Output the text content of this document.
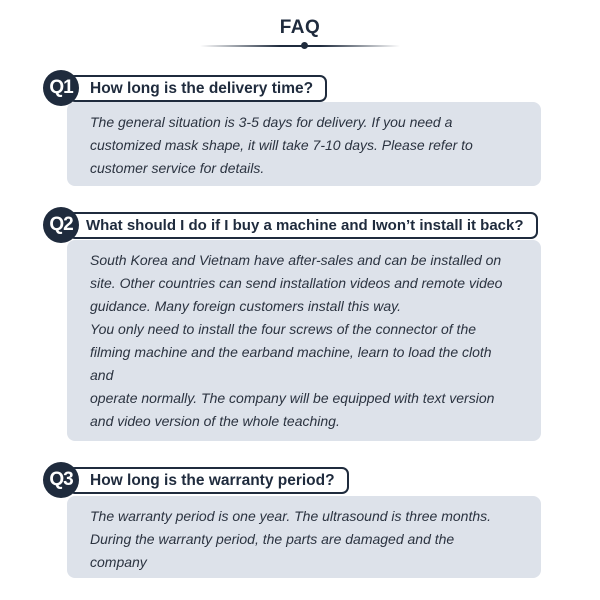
FAQ

The general situation is 3-5 days for delivery. If you need a

customized mask shape, it will take 7-10 days. Please refer to

customer service for details.

How long is the delivery time?
Q1

South Korea and Vietnam have after-sales and can be installed on

site. Other countries can send installation videos and remote video

guidance. Many foreign customers install this way.

You only need to install the four screws of the connector of the

filming machine and the earband machine, learn to load the cloth

and

operate normally. The company will be equipped with text version

and video version of the whole teaching.

What should I do if I buy a machine and Iwon’t install it back?
Q2

The warranty period is one year. The ultrasound is three months.

During the warranty period, the parts are damaged and the

company

How long is the warranty period?
Q3
